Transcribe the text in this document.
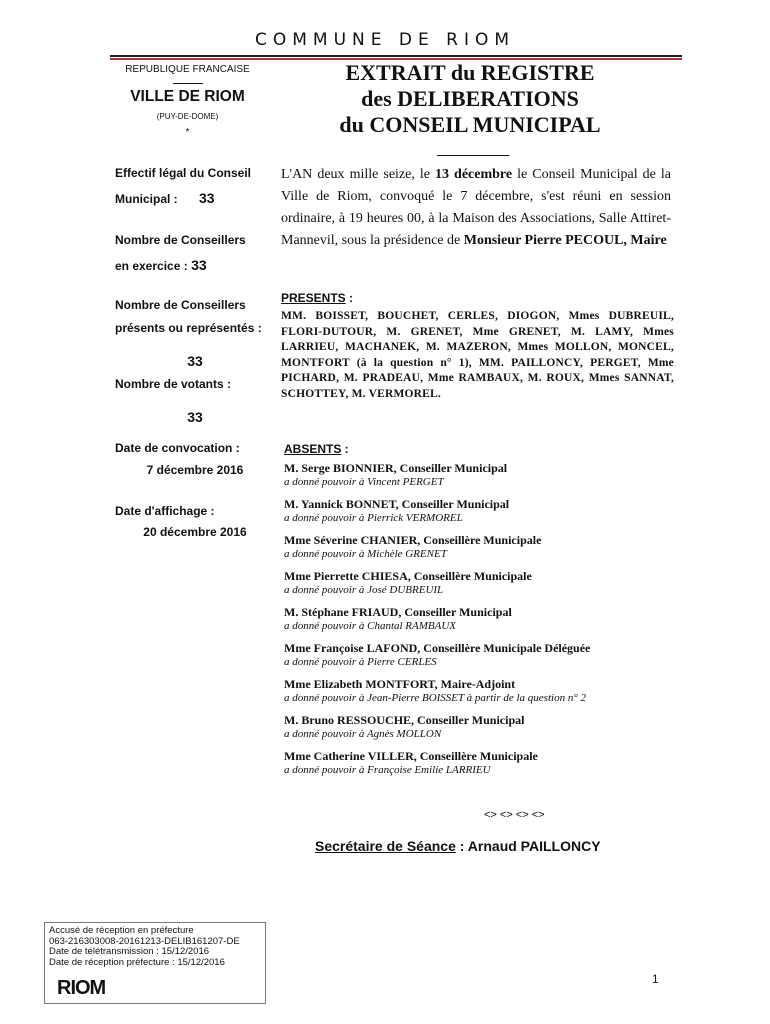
COMMUNE DE RIOM
REPUBLIQUE FRANCAISE
VILLE DE RIOM
(PUY-DE-DOME)
*
EXTRAIT du REGISTRE
des DELIBERATIONS
du CONSEIL MUNICIPAL
Effectif légal du Conseil
Municipal : 33
Nombre de Conseillers
en exercice : 33
Nombre de Conseillers
présents ou représentés :
33
Nombre de votants :
33
Date de convocation :
7 décembre 2016
Date d'affichage :
20 décembre 2016
L'AN deux mille seize, le 13 décembre le Conseil Municipal de la Ville de Riom, convoqué le 7 décembre, s'est réuni en session ordinaire, à 19 heures 00, à la Maison des Associations, Salle Attiret-Mannevil, sous la présidence de Monsieur Pierre PECOUL, Maire
PRESENTS :
MM. BOISSET, BOUCHET, CERLES, DIOGON, Mmes DUBREUIL, FLORI-DUTOUR, M. GRENET, Mme GRENET, M. LAMY, Mmes LARRIEU, MACHANEK, M. MAZERON, Mmes MOLLON, MONCEL, MONTFORT (à la question n° 1), MM. PAILLONCY, PERGET, Mme PICHARD, M. PRADEAU, Mme RAMBAUX, M. ROUX, Mmes SANNAT, SCHOTTEY, M. VERMOREL.
ABSENTS :
M. Serge BIONNIER, Conseiller Municipal
a donné pouvoir à Vincent PERGET
M. Yannick BONNET, Conseiller Municipal
a donné pouvoir à Pierrick VERMOREL
Mme Séverine CHANIER, Conseillère Municipale
a donné pouvoir à Michèle GRENET
Mme Pierrette CHIESA, Conseillère Municipale
a donné pouvoir à José DUBREUIL
M. Stéphane FRIAUD, Conseiller Municipal
a donné pouvoir à Chantal RAMBAUX
Mme Françoise LAFOND, Conseillère Municipale Déléguée
a donné pouvoir à Pierre CERLES
Mme Elizabeth MONTFORT, Maire-Adjoint
a donné pouvoir à Jean-Pierre BOISSET à partir de la question n° 2
M. Bruno RESSOUCHE, Conseiller Municipal
a donné pouvoir à Agnès MOLLON
Mme Catherine VILLER, Conseillère Municipale
a donné pouvoir à Françoise Emilie LARRIEU
<> <> <> <>
Secrétaire de Séance : Arnaud PAILLONCY
Accusé de réception en préfecture
063-216303008-20161213-DELIB161207-DE
Date de télétransmission : 15/12/2016
Date de réception préfecture : 15/12/2016
RIOM	1
